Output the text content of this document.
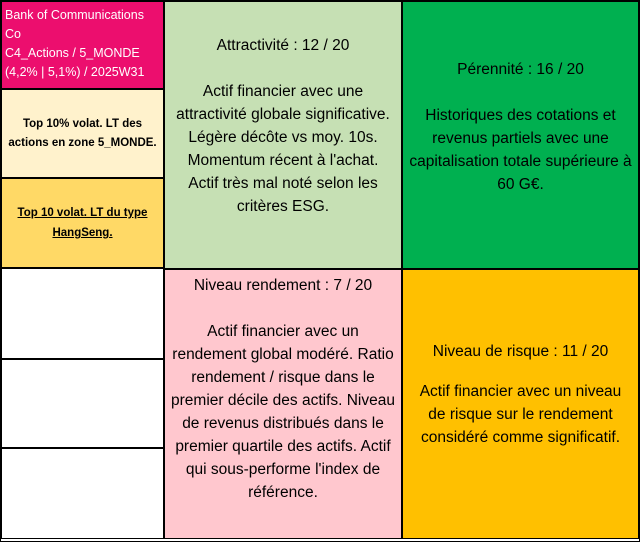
Bank of Communications
Co
C4_Actions / 5_MONDE
(4,2% | 5,1%) / 2025W31
Top 10% volat. LT des actions en zone 5_MONDE.
Top 10 volat. LT du type HangSeng.
Attractivité : 12 / 20
Actif financier avec une attractivité globale significative. Légère décôte vs moy. 10s. Momentum récent à l'achat. Actif très mal noté selon les critères ESG.
Pérennité : 16 / 20
Historiques des cotations et revenus partiels avec une capitalisation totale supérieure à 60 G€.
Niveau rendement : 7 / 20
Actif financier avec un rendement global modéré. Ratio rendement / risque dans le premier décile des actifs. Niveau de revenus distribués dans le premier quartile des actifs. Actif qui sous-performe l'index de référence.
Niveau de risque : 11 / 20
Actif financier avec un niveau de risque sur le rendement considéré comme significatif.
